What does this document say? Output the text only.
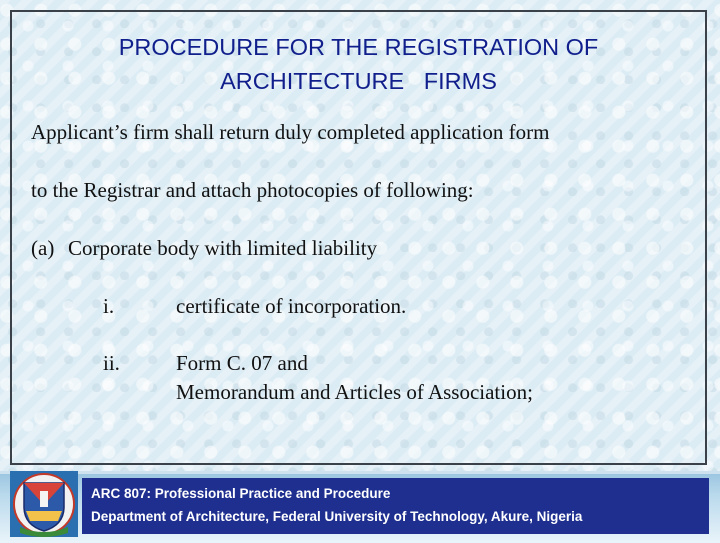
PROCEDURE FOR THE REGISTRATION OF
ARCHITECTURE   FIRMS
Applicant’s firm shall return duly completed application form
to the Registrar and attach photocopies of following:
(a) Corporate body with limited liability
i.	certificate of incorporation.
ii.	Form C. 07 and
Memorandum and Articles of Association;
ARC 807: Professional Practice and Procedure
Department of Architecture, Federal University of Technology, Akure, Nigeria
